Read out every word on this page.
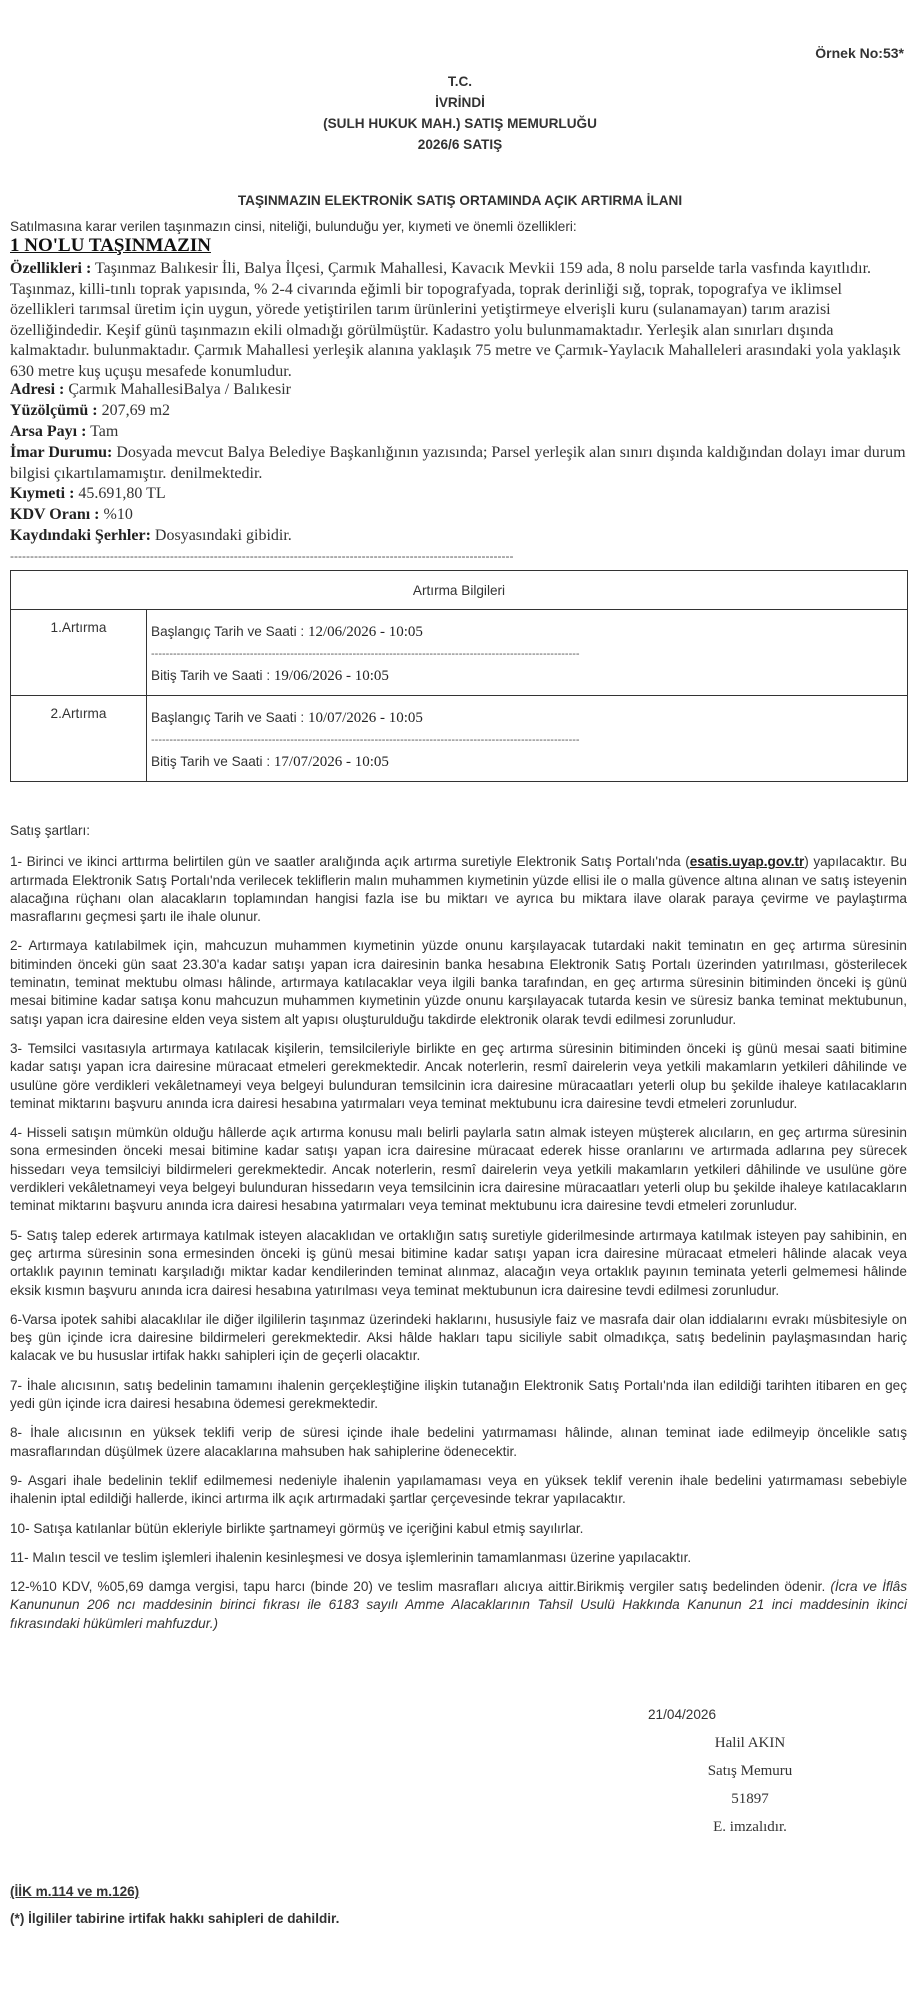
Örnek No:53*
T.C.
İVRİNDİ
(SULH HUKUK MAH.) SATIŞ MEMURLUĞU
2026/6 SATIŞ
TAŞINMAZIN ELEKTRONİK SATIŞ ORTAMINDA AÇIK ARTIRMA İLANI
Satılmasına karar verilen taşınmazın cinsi, niteliği, bulunduğu yer, kıymeti ve önemli özellikleri:
1 NO'LU TAŞINMAZIN
Özellikleri : Taşınmaz Balıkesir İli, Balya İlçesi, Çarmık Mahallesi, Kavacık Mevkii 159 ada, 8 nolu parselde tarla vasfında kayıtlıdır. Taşınmaz, killi-tınlı toprak yapısında, % 2-4 civarında eğimli bir topografyada, toprak derinliği sığ, toprak, topografya ve iklimsel özellikleri tarımsal üretim için uygun, yörede yetiştirilen tarım ürünlerini yetiştirmeye elverişli kuru (sulanamayan) tarım arazisi özelliğindedir. Keşif günü taşınmazın ekili olmadığı görülmüştür. Kadastro yolu bulunmamaktadır. Yerleşik alan sınırları dışında kalmaktadır. bulunmaktadır. Çarmık Mahallesi yerleşik alanına yaklaşık 75 metre ve Çarmık-Yaylacık Mahalleleri arasındaki yola yaklaşık 630 metre kuş uçuşu mesafede konumludur.
Adresi : Çarmık MahallesiBalya / Balıkesir
Yüzölçümü : 207,69 m2
Arsa Payı : Tam
İmar Durumu: Dosyada mevcut Balya Belediye Başkanlığının yazısında; Parsel yerleşik alan sınırı dışında kaldığından dolayı imar durum bilgisi çıkartılamamıştır. denilmektedir.
Kıymeti : 45.691,80 TL
KDV Oranı : %10
Kaydındaki Şerhler: Dosyasındaki gibidir.
------------------------------------------------------------------------------------------------------------------------------
Artırma Bilgileri	
1.Artırma	Başlangıç Tarih ve Saati : 12/06/2026 - 10:05
---------------------------------------------------------------------------------------------------------------------
Bitiş Tarih ve Saati : 19/06/2026 - 10:05

2.Artırma	Başlangıç Tarih ve Saati : 10/07/2026 - 10:05
---------------------------------------------------------------------------------------------------------------------
Bitiş Tarih ve Saati : 17/07/2026 - 10:05

Satış şartları:

1- Birinci ve ikinci arttırma belirtilen gün ve saatler aralığında açık artırma suretiyle Elektronik Satış Portalı'nda (esatis.uyap.gov.tr) yapılacaktır. Bu artırmada Elektronik Satış Portalı'nda verilecek tekliflerin malın muhammen kıymetinin yüzde ellisi ile o malla güvence altına alınan ve satış isteyenin alacağına rüçhanı olan alacakların toplamından hangisi fazla ise bu miktarı ve ayrıca bu miktara ilave olarak paraya çevirme ve paylaştırma masraflarını geçmesi şartı ile ihale olunur.

2- Artırmaya katılabilmek için, mahcuzun muhammen kıymetinin yüzde onunu karşılayacak tutardaki nakit teminatın en geç artırma süresinin bitiminden önceki gün saat 23.30'a kadar satışı yapan icra dairesinin banka hesabına Elektronik Satış Portalı üzerinden yatırılması, gösterilecek teminatın, teminat mektubu olması hâlinde, artırmaya katılacaklar veya ilgili banka tarafından, en geç artırma süresinin bitiminden önceki iş günü mesai bitimine kadar satışa konu mahcuzun muhammen kıymetinin yüzde onunu karşılayacak tutarda kesin ve süresiz banka teminat mektubunun, satışı yapan icra dairesine elden veya sistem alt yapısı oluşturulduğu takdirde elektronik olarak tevdi edilmesi zorunludur.

3- Temsilci vasıtasıyla artırmaya katılacak kişilerin, temsilcileriyle birlikte en geç artırma süresinin bitiminden önceki iş günü mesai saati bitimine kadar satışı yapan icra dairesine müracaat etmeleri gerekmektedir. Ancak noterlerin, resmî dairelerin veya yetkili makamların yetkileri dâhilinde ve usulüne göre verdikleri vekâletnameyi veya belgeyi bulunduran temsilcinin icra dairesine müracaatları yeterli olup bu şekilde ihaleye katılacakların teminat miktarını başvuru anında icra dairesi hesabına yatırmaları veya teminat mektubunu icra dairesine tevdi etmeleri zorunludur.

4- Hisseli satışın mümkün olduğu hâllerde açık artırma konusu malı belirli paylarla satın almak isteyen müşterek alıcıların, en geç artırma süresinin sona ermesinden önceki mesai bitimine kadar satışı yapan icra dairesine müracaat ederek hisse oranlarını ve artırmada adlarına pey sürecek hissedarı veya temsilciyi bildirmeleri gerekmektedir. Ancak noterlerin, resmî dairelerin veya yetkili makamların yetkileri dâhilinde ve usulüne göre verdikleri vekâletnameyi veya belgeyi bulunduran hissedarın veya temsilcinin icra dairesine müracaatları yeterli olup bu şekilde ihaleye katılacakların teminat miktarını başvuru anında icra dairesi hesabına yatırmaları veya teminat mektubunu icra dairesine tevdi etmeleri zorunludur.

5- Satış talep ederek artırmaya katılmak isteyen alacaklıdan ve ortaklığın satış suretiyle giderilmesinde artırmaya katılmak isteyen pay sahibinin, en geç artırma süresinin sona ermesinden önceki iş günü mesai bitimine kadar satışı yapan icra dairesine müracaat etmeleri hâlinde alacak veya ortaklık payının teminatı karşıladığı miktar kadar kendilerinden teminat alınmaz, alacağın veya ortaklık payının teminata yeterli gelmemesi hâlinde eksik kısmın başvuru anında icra dairesi hesabına yatırılması veya teminat mektubunun icra dairesine tevdi edilmesi zorunludur.

6-Varsa ipotek sahibi alacaklılar ile diğer ilgililerin taşınmaz üzerindeki haklarını, hususiyle faiz ve masrafa dair olan iddialarını evrakı müsbitesiyle on beş gün içinde icra dairesine bildirmeleri gerekmektedir. Aksi hâlde hakları tapu siciliyle sabit olmadıkça, satış bedelinin paylaşmasından hariç kalacak ve bu hususlar irtifak hakkı sahipleri için de geçerli olacaktır.

7- İhale alıcısının, satış bedelinin tamamını ihalenin gerçekleştiğine ilişkin tutanağın Elektronik Satış Portalı'nda ilan edildiği tarihten itibaren en geç yedi gün içinde icra dairesi hesabına ödemesi gerekmektedir.

8- İhale alıcısının en yüksek teklifi verip de süresi içinde ihale bedelini yatırmaması hâlinde, alınan teminat iade edilmeyip öncelikle satış masraflarından düşülmek üzere alacaklarına mahsuben hak sahiplerine ödenecektir.

9- Asgari ihale bedelinin teklif edilmemesi nedeniyle ihalenin yapılamaması veya en yüksek teklif verenin ihale bedelini yatırmaması sebebiyle ihalenin iptal edildiği hallerde, ikinci artırma ilk açık artırmadaki şartlar çerçevesinde tekrar yapılacaktır.

10- Satışa katılanlar bütün ekleriyle birlikte şartnameyi görmüş ve içeriğini kabul etmiş sayılırlar.

11- Malın tescil ve teslim işlemleri ihalenin kesinleşmesi ve dosya işlemlerinin tamamlanması üzerine yapılacaktır.

12-%10 KDV, %05,69 damga vergisi, tapu harcı (binde 20) ve teslim masrafları alıcıya aittir.Birikmiş vergiler satış bedelinden ödenir. (İcra ve İflâs Kanununun 206 ncı maddesinin birinci fıkrası ile 6183 sayılı Amme Alacaklarının Tahsil Usulü Hakkında Kanunun 21 inci maddesinin ikinci fıkrasındaki hükümleri mahfuzdur.)

21/04/2026
Halil AKIN
Satış Memuru
51897
E. imzalıdır.
(İİK m.114 ve m.126)
(*) İlgililer tabirine irtifak hakkı sahipleri de dahildir.
